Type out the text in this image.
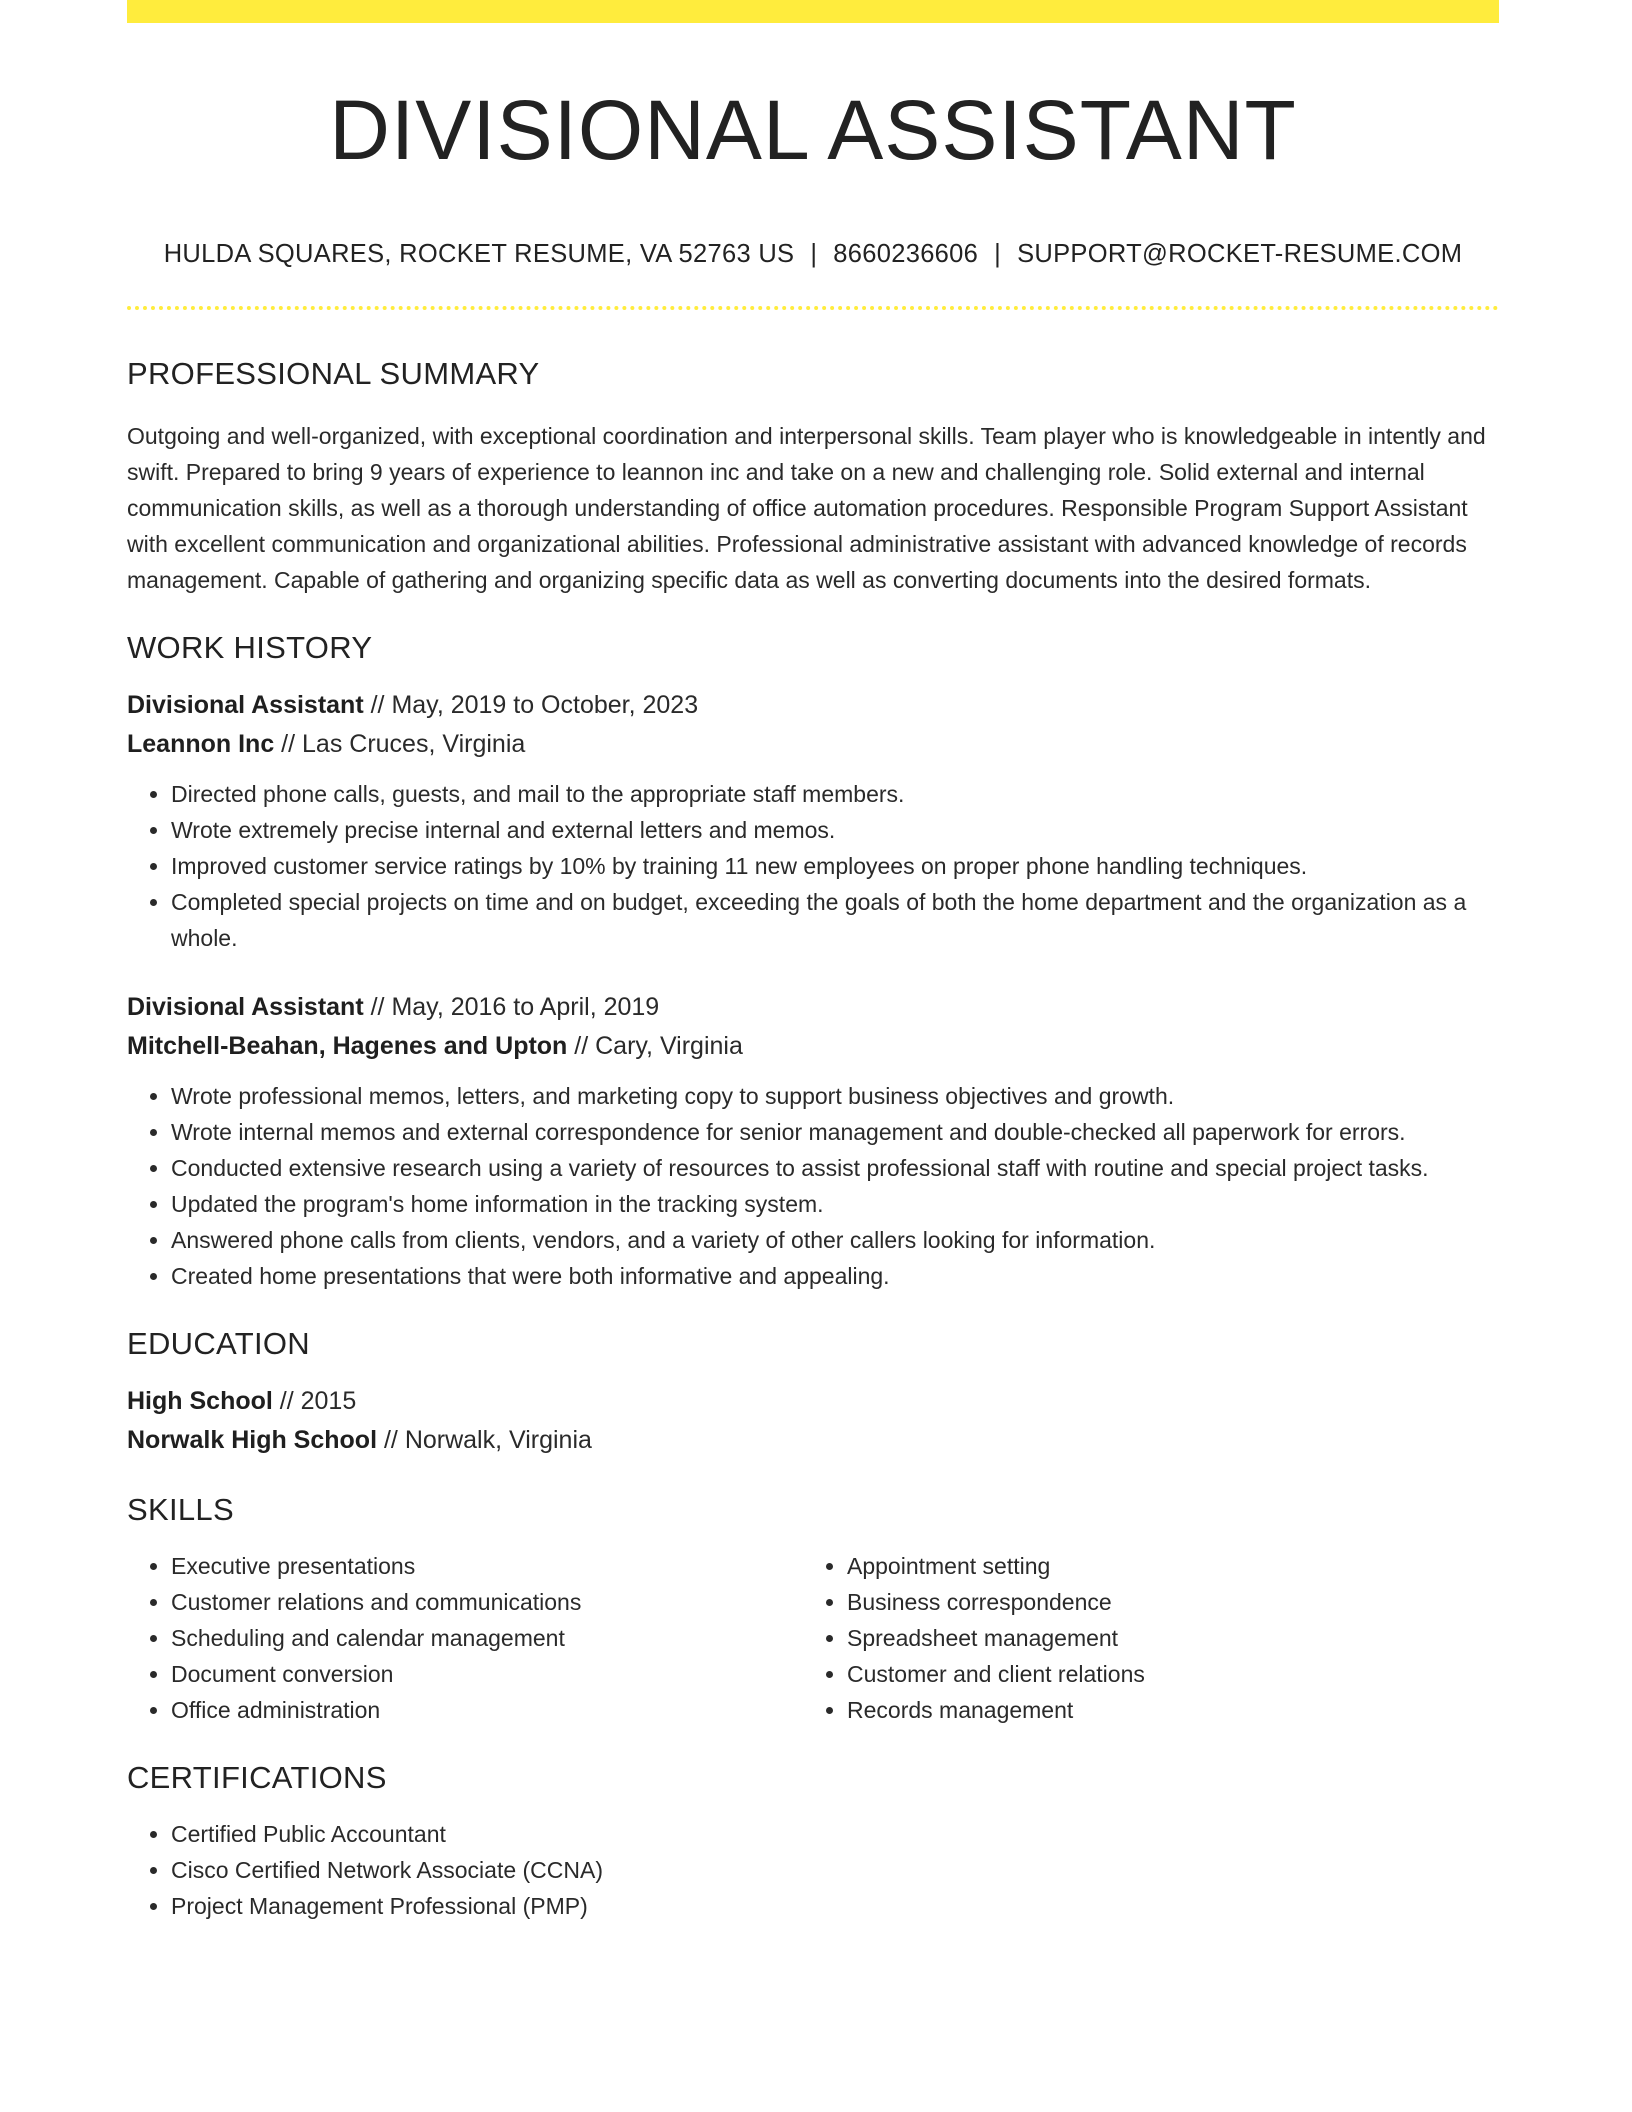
DIVISIONAL ASSISTANT
HULDA SQUARES, ROCKET RESUME, VA 52763 US | 8660236606 | SUPPORT@ROCKET-RESUME.COM
PROFESSIONAL SUMMARY

Outgoing and well-organized, with exceptional coordination and interpersonal skills. Team player who is knowledgeable in intently and swift. Prepared to bring 9 years of experience to leannon inc and take on a new and challenging role. Solid external and internal communication skills, as well as a thorough understanding of office automation procedures. Responsible Program Support Assistant with excellent communication and organizational abilities. Professional administrative assistant with advanced knowledge of records management. Capable of gathering and organizing specific data as well as converting documents into the desired formats.

WORK HISTORY
Divisional Assistant // May, 2019 to October, 2023
Leannon Inc // Las Cruces, Virginia
• Directed phone calls, guests, and mail to the appropriate staff members.
• Wrote extremely precise internal and external letters and memos.
• Improved customer service ratings by 10% by training 11 new employees on proper phone handling techniques.
• Completed special projects on time and on budget, exceeding the goals of both the home department and the organization as a whole.
Divisional Assistant // May, 2016 to April, 2019
Mitchell-Beahan, Hagenes and Upton // Cary, Virginia
• Wrote professional memos, letters, and marketing copy to support business objectives and growth.
• Wrote internal memos and external correspondence for senior management and double-checked all paperwork for errors.
• Conducted extensive research using a variety of resources to assist professional staff with routine and special project tasks.
• Updated the program's home information in the tracking system.
• Answered phone calls from clients, vendors, and a variety of other callers looking for information.
• Created home presentations that were both informative and appealing.
EDUCATION
High School // 2015
Norwalk High School // Norwalk, Virginia
SKILLS
• Executive presentations
• Customer relations and communications
• Scheduling and calendar management
• Document conversion
• Office administration
• Appointment setting
• Business correspondence
• Spreadsheet management
• Customer and client relations
• Records management
CERTIFICATIONS
• Certified Public Accountant
• Cisco Certified Network Associate (CCNA)
• Project Management Professional (PMP)
